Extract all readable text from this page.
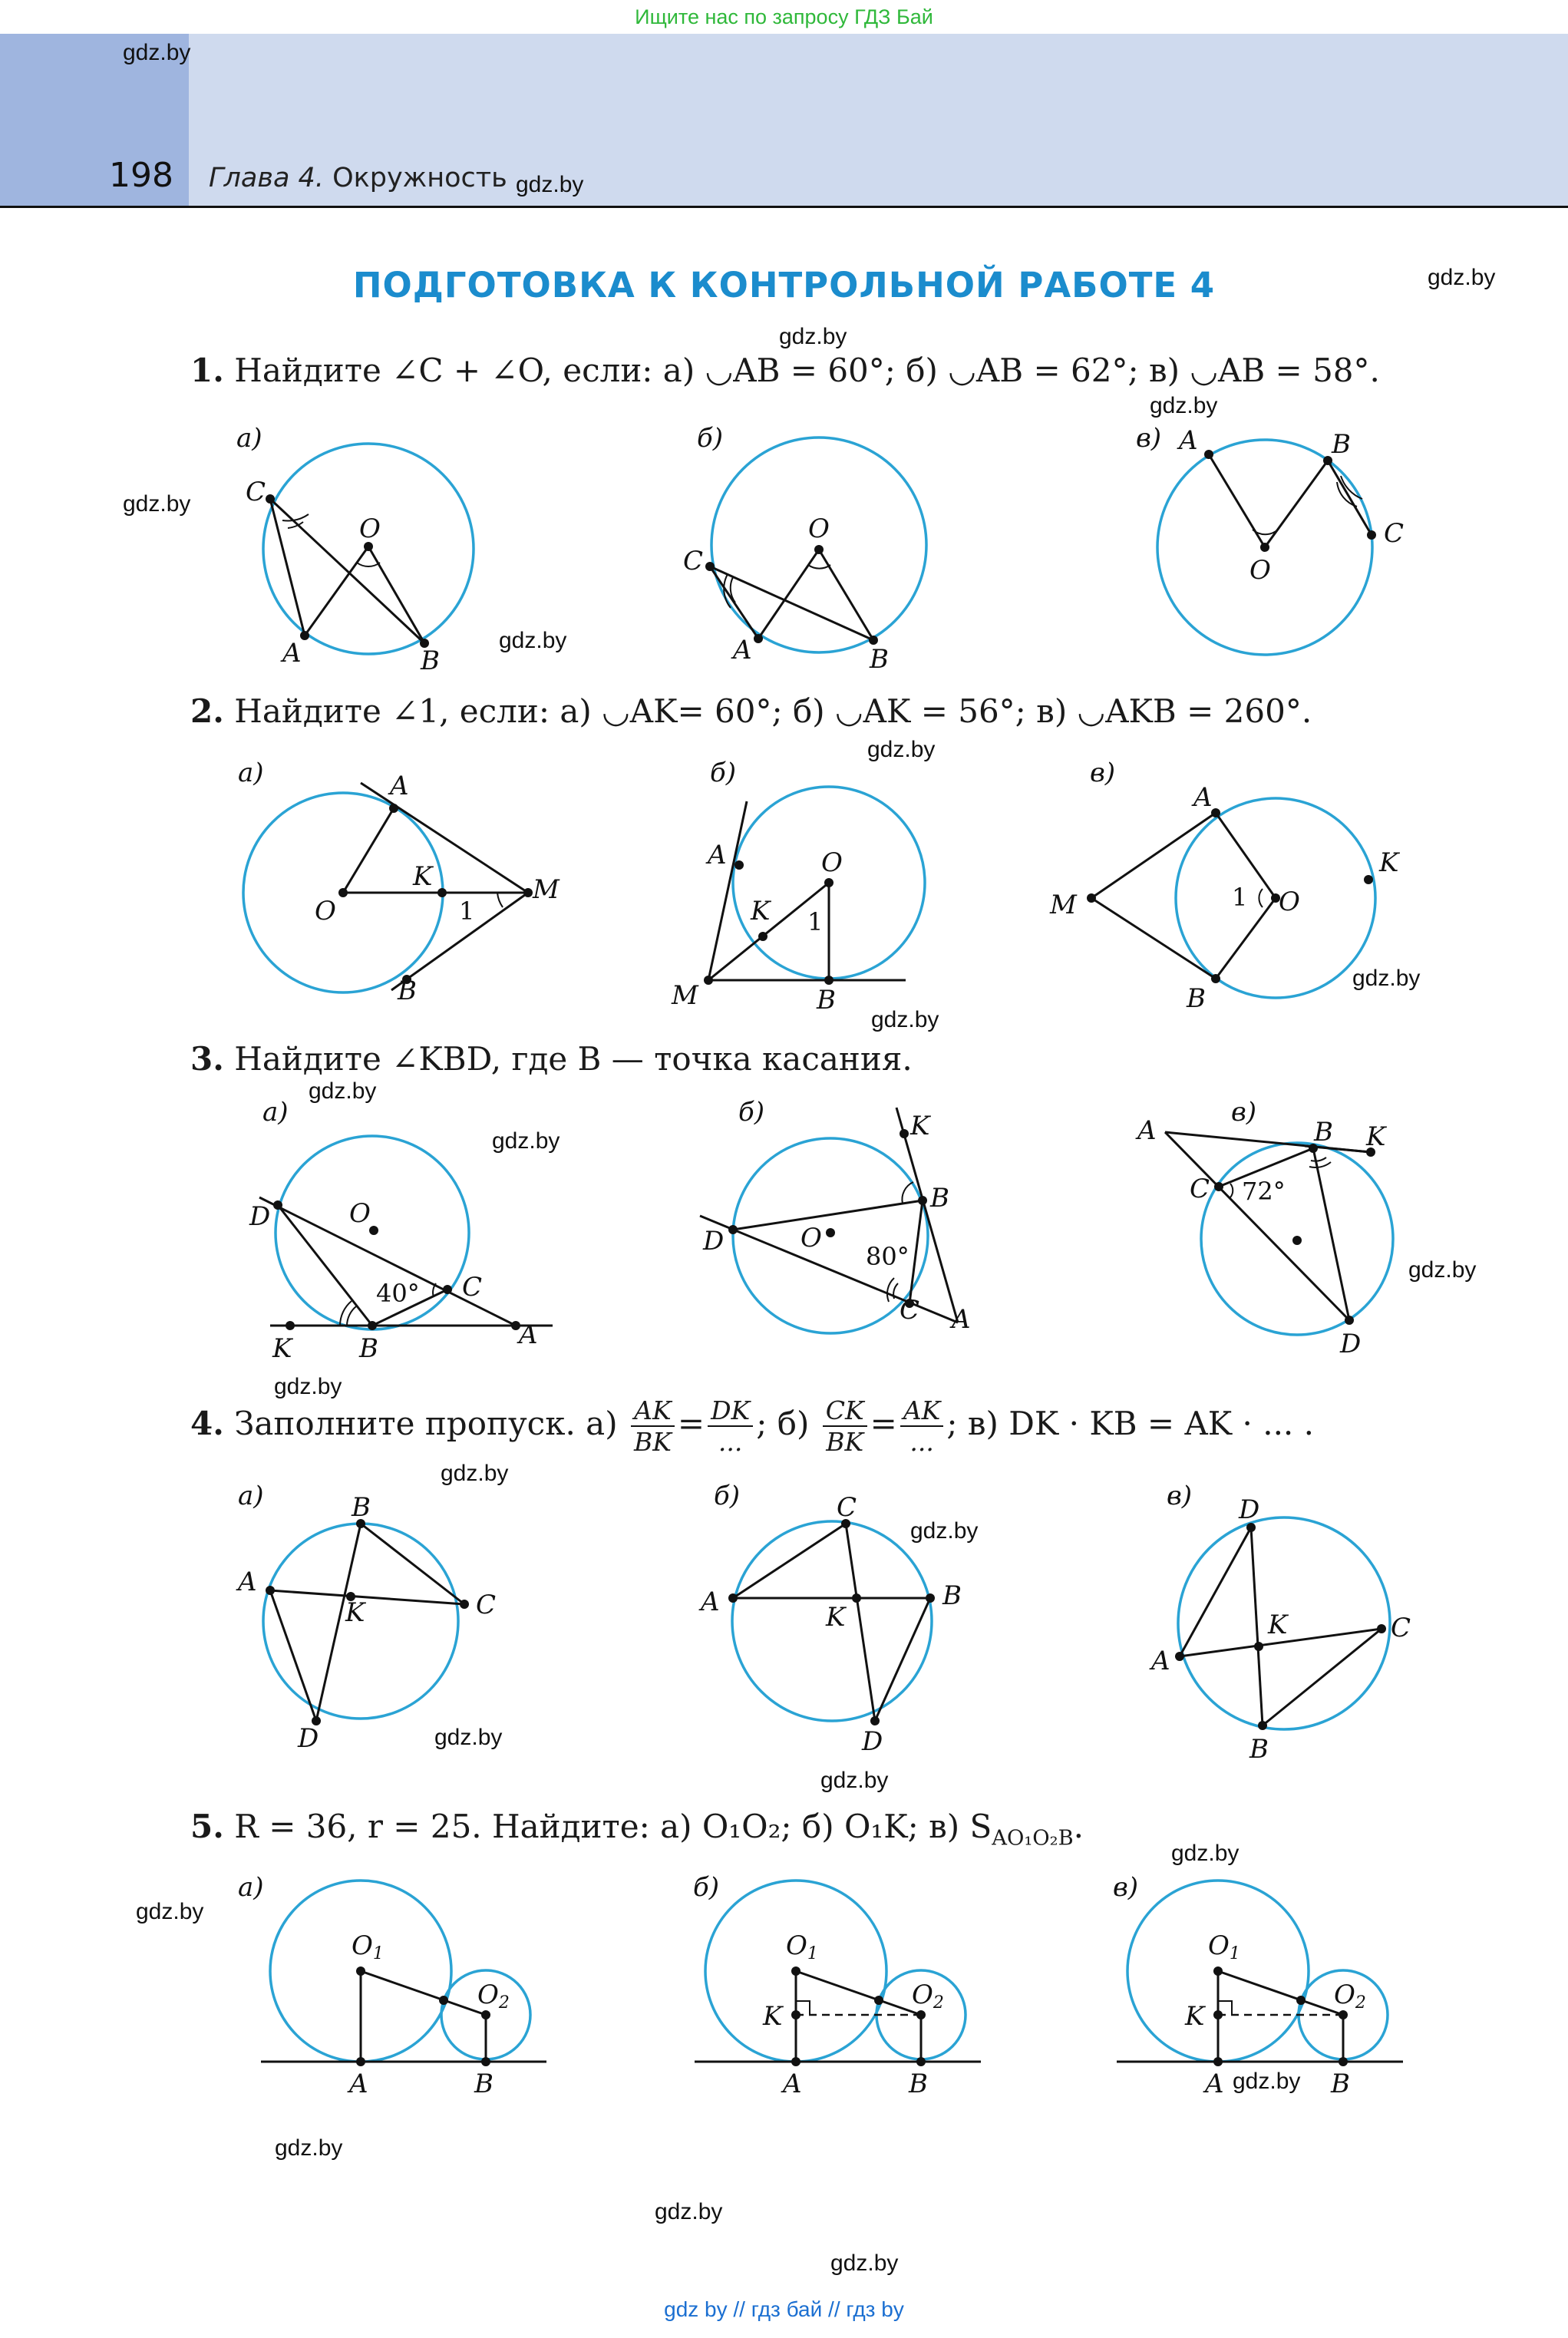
Ищите нас по запросу ГДЗ Бай
198 Глава 4. Окружность
ПОДГОТОВКА К КОНТРОЛЬНОЙ РАБОТЕ 4
gdz.by
gdz.by
gdz.by
gdz.by
gdz.by
gdz.by
gdz.by
gdz.by
gdz.by
gdz.by
gdz.by
gdz.by
gdz.by
gdz.by
gdz.by
gdz.by
gdz.by
gdz.by
gdz.by
gdz.by
gdz.by
gdz.by
gdz.by
gdz.by
gdz by // гдз бай // гдз by
1. Найдите ∠C + ∠O, если: а) ◡AB = 60°; б) ◡AB = 62°; в) ◡AB = 58°.
2. Найдите ∠1, если: а) ◡AK= 60°; б) ◡AK = 56°; в) ◡AKB = 260°.
3. Найдите ∠KBD, где B — точка касания.
4. Заполните пропуск. $а) \frac{AK}{BK} = \frac{DK}{...}$ ; $б) \frac{CK}{BK} = \frac{AK}{...}$ ; в) DK · KB = AK · ... .
5. R = 36, r = 25. Найдите: а) O₁O₂; б) O₁K; в) $S_{AO_1O_2B}$.
а)
C
O
A	B
б)
C
O
A	B
в) A	B
C
O
а)	A
K	M
O
B
1
б)
A	O
K 1
M	B
в)
A
K
M	O
1
B
а)
D	O
40° C
K	B	A
б)	K
B
D	O
80°
C A
в)
A	B K
C 72°
D
а)
A
B
C
K
D
б)
A
C
B
K
D
в) D
K	C
A
B
а)
O1
O2
A	B
б)
O1
O2
K
A	B
в)
O1
O2
K
A	B
